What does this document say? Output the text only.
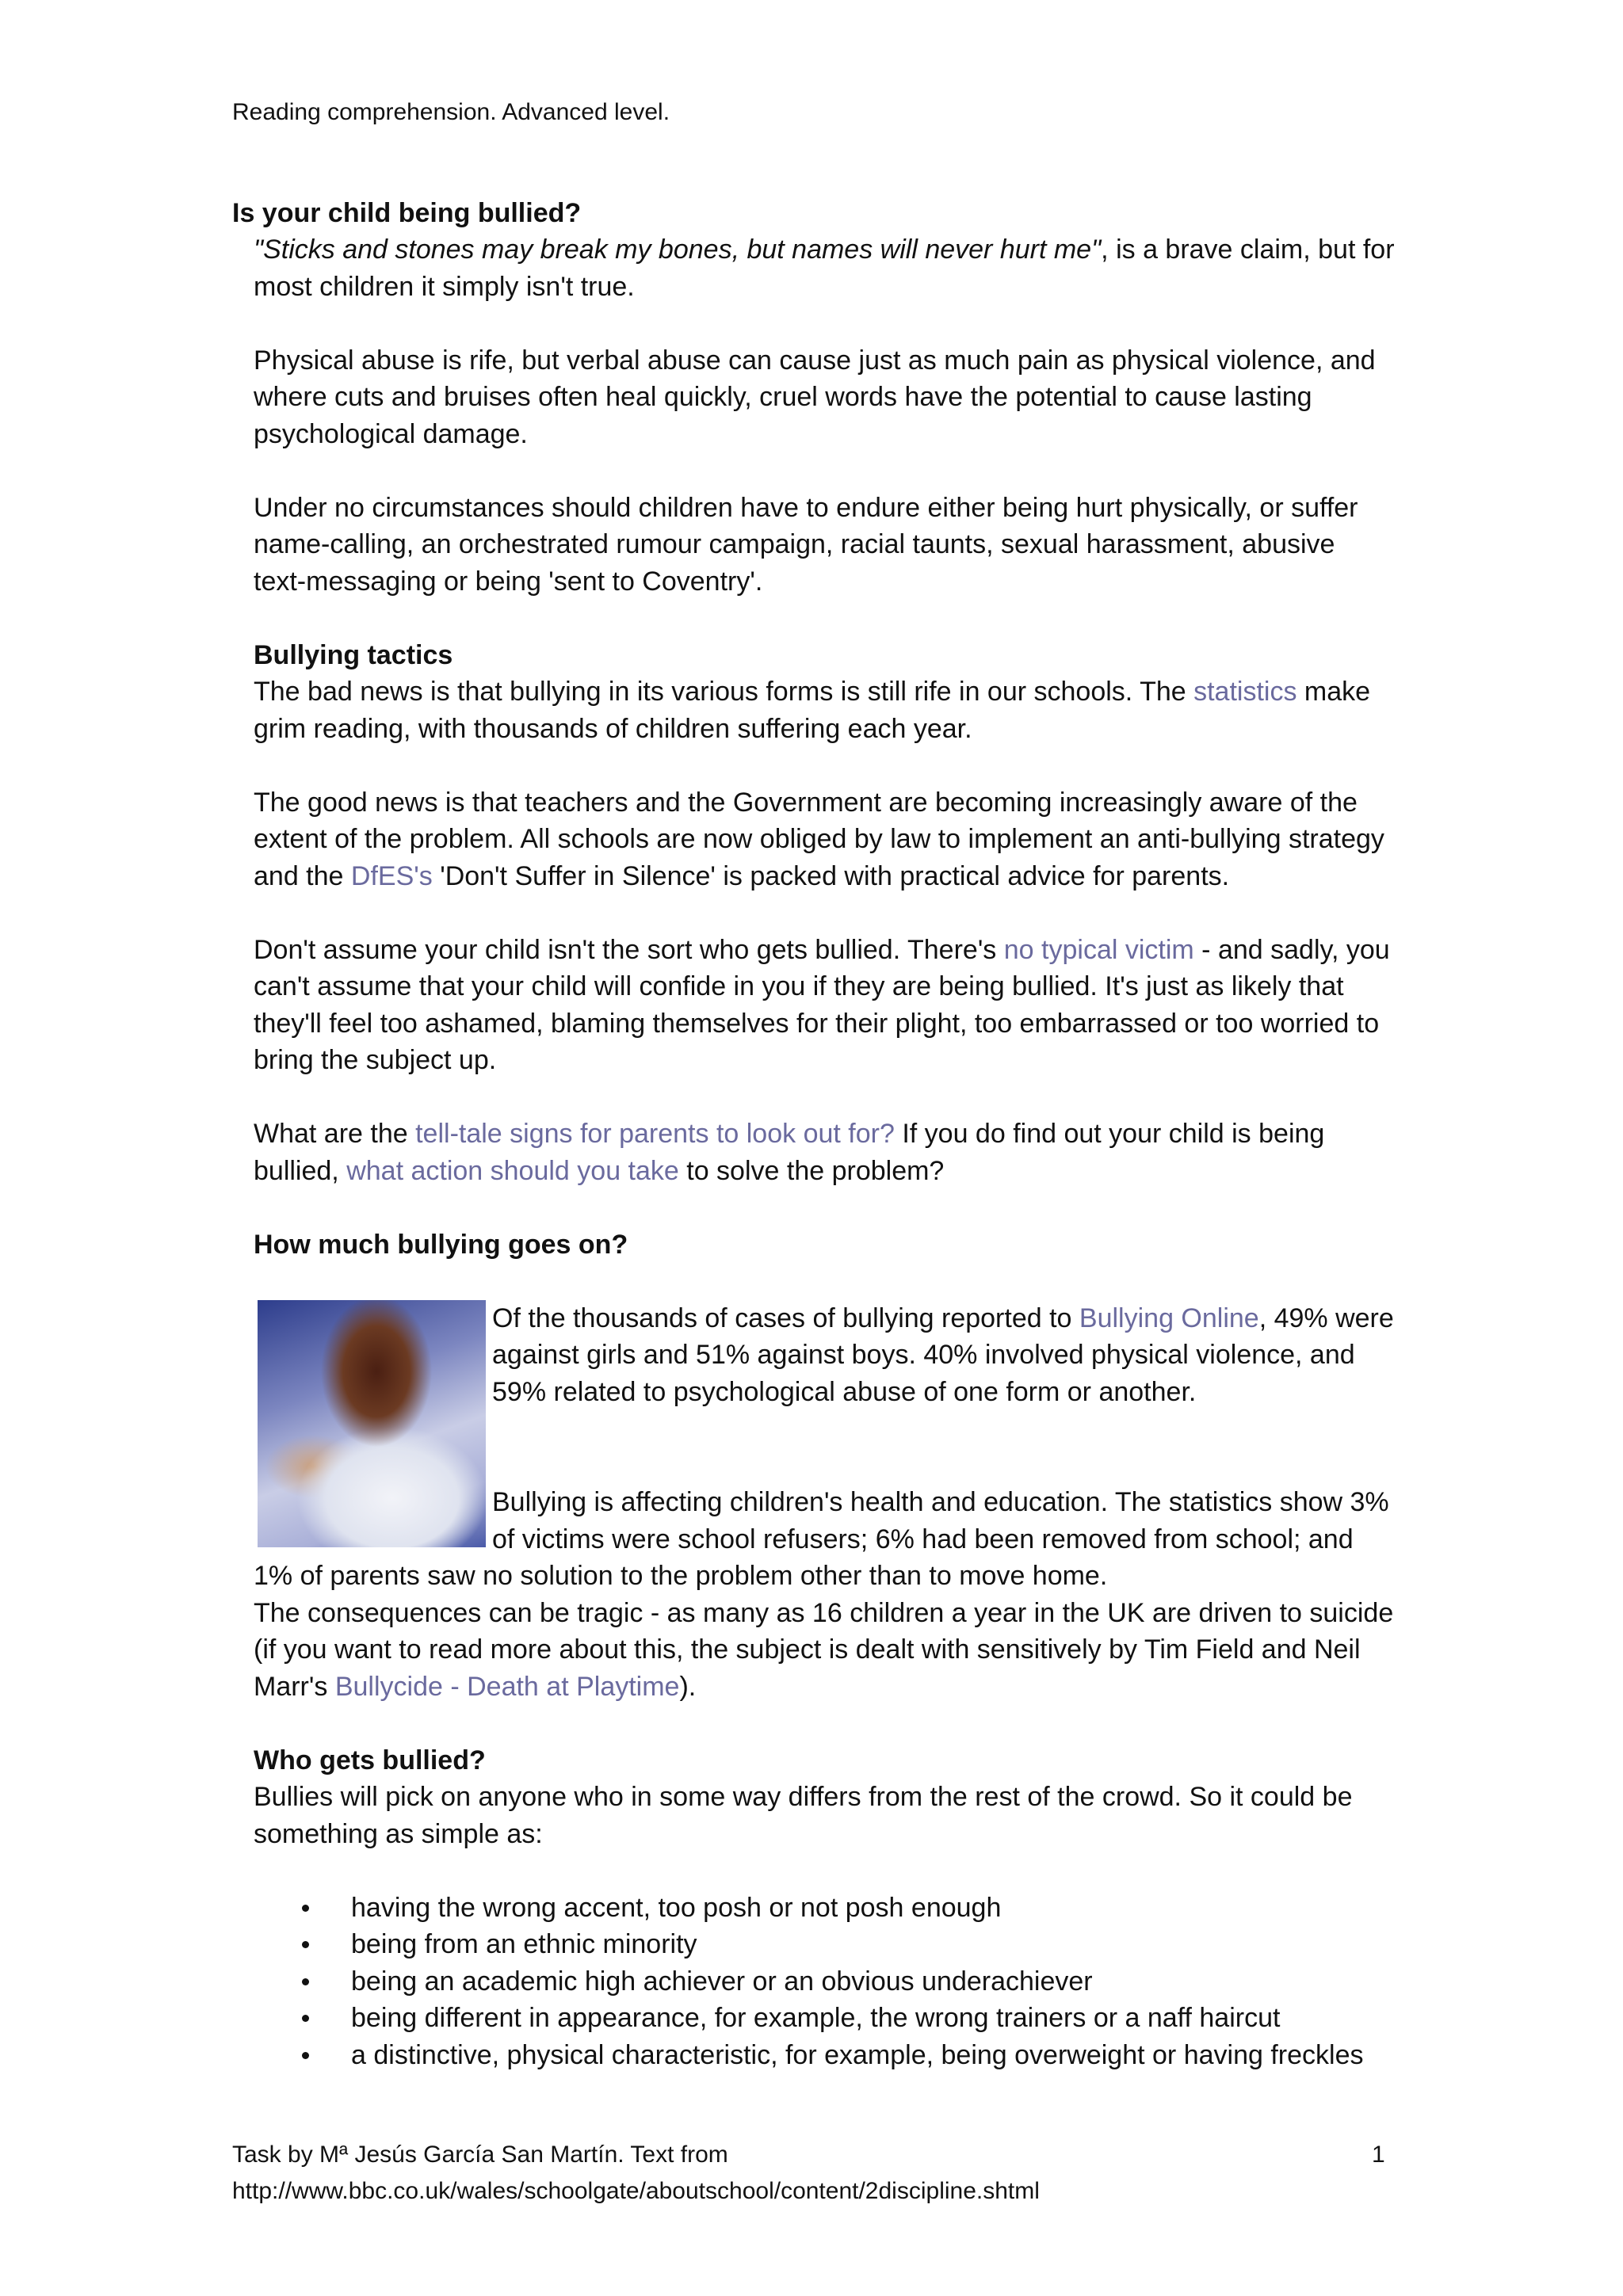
Reading comprehension. Advanced level.
Is your child being bullied?

"Sticks and stones may break my bones, but names will never hurt me", is a brave claim, but for most children it simply isn't true.

Physical abuse is rife, but verbal abuse can cause just as much pain as physical violence, and where cuts and bruises often heal quickly, cruel words have the potential to cause lasting psychological damage.

Under no circumstances should children have to endure either being hurt physically, or suffer name-calling, an orchestrated rumour campaign, racial taunts, sexual harassment, abusive text-messaging or being 'sent to Coventry'.

Bullying tactics

The bad news is that bullying in its various forms is still rife in our schools. The statistics make grim reading, with thousands of children suffering each year.

The good news is that teachers and the Government are becoming increasingly aware of the extent of the problem. All schools are now obliged by law to implement an anti-bullying strategy and the DfES's 'Don't Suffer in Silence' is packed with practical advice for parents.

Don't assume your child isn't the sort who gets bullied. There's no typical victim - and sadly, you can't assume that your child will confide in you if they are being bullied. It's just as likely that they'll feel too ashamed, blaming themselves for their plight, too embarrassed or too worried to bring the subject up.

What are the tell-tale signs for parents to look out for? If you do find out your child is being bullied, what action should you take to solve the problem?

How much bullying goes on?
Of the thousands of cases of bullying reported to Bullying Online, 49% were against girls and 51% against boys. 40% involved physical violence, and 59% related to psychological abuse of one form or another.
Bullying is affecting children's health and education. The statistics show 3% of victims were school refusers; 6% had been removed from school; and 1% of parents saw no solution to the problem other than to move home.

The consequences can be tragic - as many as 16 children a year in the UK are driven to suicide (if you want to read more about this, the subject is dealt with sensitively by Tim Field and Neil Marr's Bullycide - Death at Playtime).

Who gets bullied?
Bullies will pick on anyone who in some way differs from the rest of the crowd. So it could be something as simple as:
having the wrong accent, too posh or not posh enough
being from an ethnic minority
being an academic high achiever or an obvious underachiever
being different in appearance, for example, the wrong trainers or a naff haircut
a distinctive, physical characteristic, for example, being overweight or having freckles
Task by Mª Jesús García San Martín. Text from
http://www.bbc.co.uk/wales/schoolgate/aboutschool/content/2discipline.shtml
1
